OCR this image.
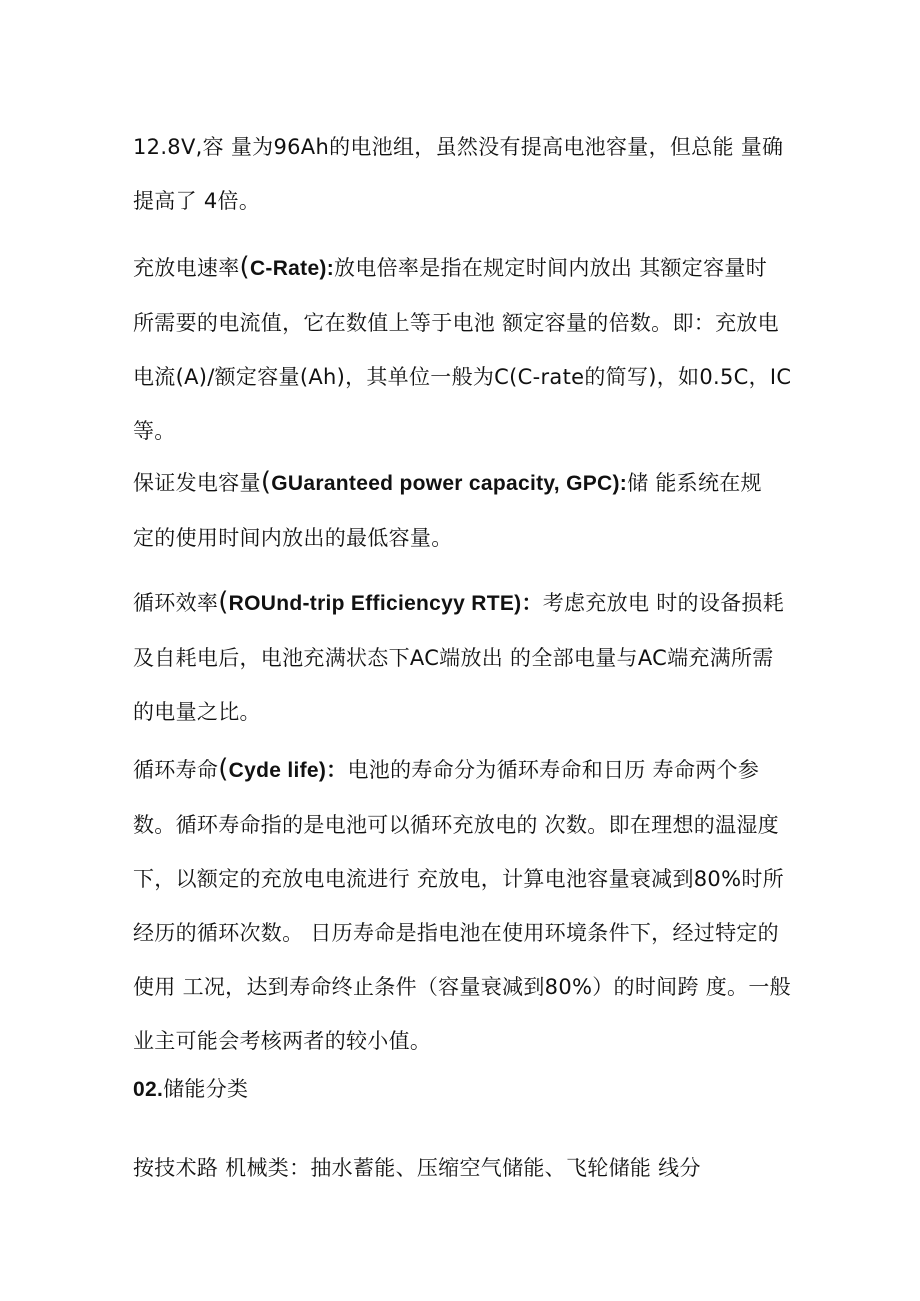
12.8V,容 量为96Ah的电池组，虽然没有提高电池容量，但总能 量确
提高了 4倍。

充放电速率(C-Rate):放电倍率是指在规定时间内放出 其额定容量时
所需要的电流值，它在数值上等于电池 额定容量的倍数。即：充放电
电流(A)/额定容量(Ah)，其单位一般为C(C-rate的简写)，如0.5C，IC
等。

保证发电容量(GUaranteed power capacity, GPC):储 能系统在规
定的使用时间内放出的最低容量。

循环效率(ROUnd-trip Efficiencyy RTE)：考虑充放电 时的设备损耗
及自耗电后，电池充满状态下AC端放出 的全部电量与AC端充满所需
的电量之比。

循环寿命(Cyde life)：电池的寿命分为循环寿命和日历 寿命两个参
数。循环寿命指的是电池可以循环充放电的 次数。即在理想的温湿度
下，以额定的充放电电流进行 充放电，计算电池容量衰减到80%时所
经历的循环次数。 日历寿命是指电池在使用环境条件下，经过特定的
使用 工况，达到寿命终止条件（容量衰减到80%）的时间跨 度。一般
业主可能会考核两者的较小值。

02.储能分类

按技术路 机械类：抽水蓄能、压缩空气储能、飞轮储能 线分
